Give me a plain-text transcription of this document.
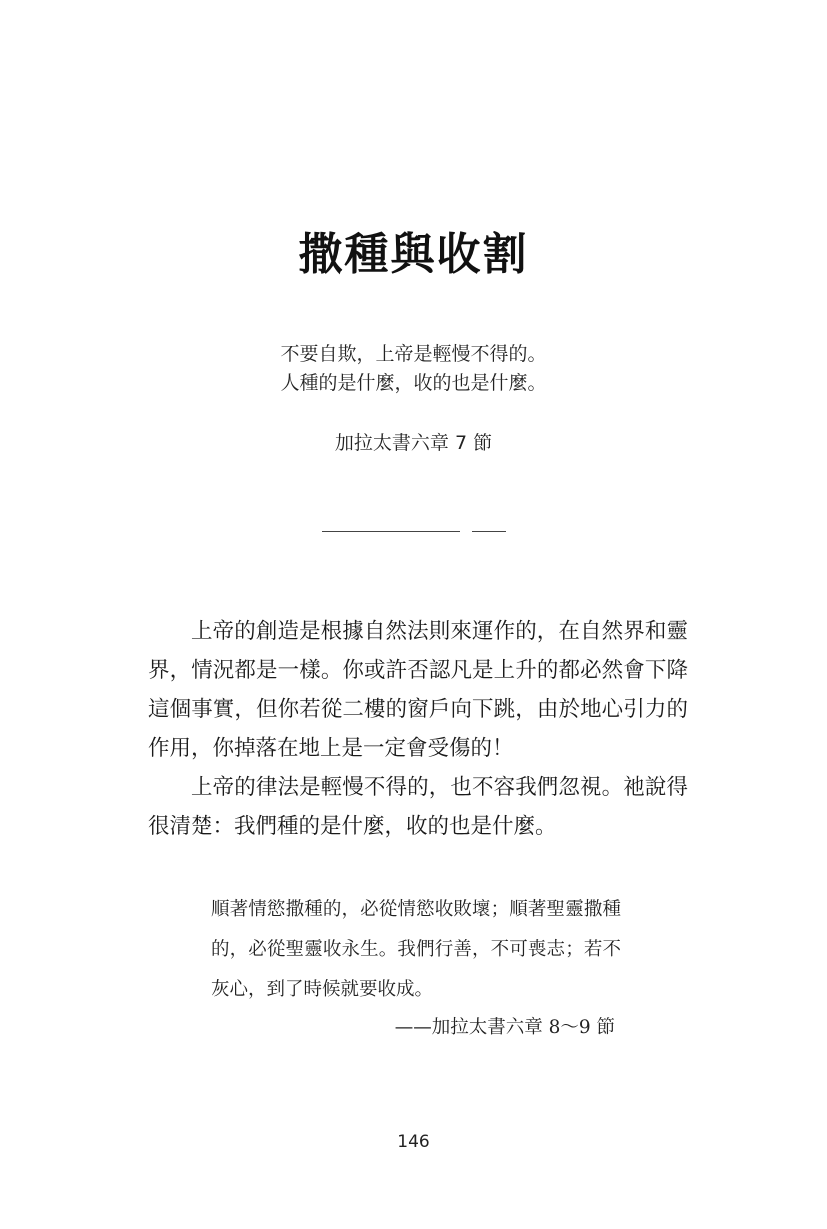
撒種與收割
不要自欺，上帝是輕慢不得的。
人種的是什麼，收的也是什麼。
加拉太書六章 7 節

上帝的創造是根據自然法則來運作的，在自然界和靈界，情況都是一樣。你或許否認凡是上升的都必然會下降這個事實，但你若從二樓的窗戶向下跳，由於地心引力的作用，你掉落在地上是一定會受傷的！

上帝的律法是輕慢不得的，也不容我們忽視。祂說得很清楚：我們種的是什麼，收的也是什麼。

順著情慾撒種的，必從情慾收敗壞；順著聖靈撒種的，必從聖靈收永生。我們行善，不可喪志；若不灰心，到了時候就要收成。
——加拉太書六章 8～9 節
146
